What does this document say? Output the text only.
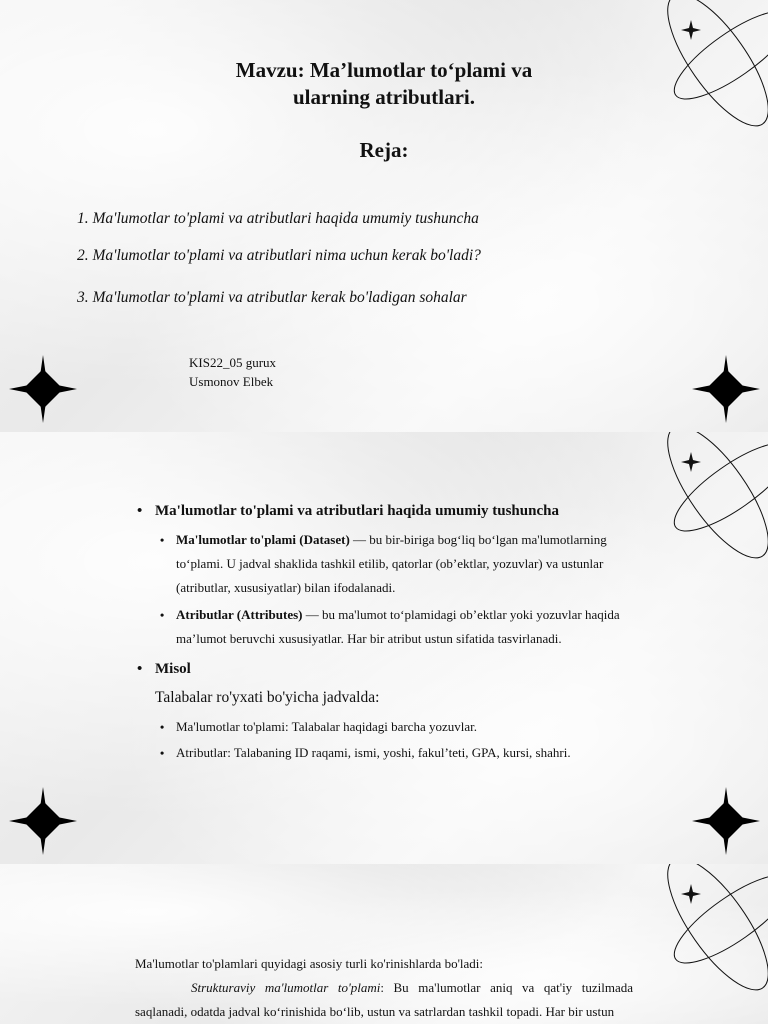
Mavzu: Ma’lumotlar to‘plami va
ularning atributlari.
Reja:
1. Ma'lumotlar to'plami va atributlari haqida umumiy tushuncha
2. Ma'lumotlar to'plami va atributlari nima uchun kerak bo'ladi?
3. Ma'lumotlar to'plami va atributlar kerak bo'ladigan sohalar
KIS22_05 gurux
Usmonov Elbek
• Ma'lumotlar to'plami va atributlari haqida umumiy tushuncha
• Ma'lumotlar to'plami (Dataset) — bu bir-biriga bog‘liq bo‘lgan ma'lumotlarning to‘plami. U jadval shaklida tashkil etilib, qatorlar (ob’ektlar, yozuvlar) va ustunlar (atributlar, xususiyatlar) bilan ifodalanadi.
• Atributlar (Attributes) — bu ma'lumot to‘plamidagi ob’ektlar yoki yozuvlar haqida ma’lumot beruvchi xususiyatlar. Har bir atribut ustun sifatida tasvirlanadi.
• Misol
Talabalar ro'yxati bo'yicha jadvalda:
• Ma'lumotlar to'plami: Talabalar haqidagi barcha yozuvlar.
• Atributlar: Talabaning ID raqami, ismi, yoshi, fakul’teti, GPA, kursi, shahri.
Ma'lumotlar to'plamlari quyidagi asosiy turli ko'rinishlarda bo'ladi:
Strukturaviy ma'lumotlar to'plami: Bu ma'lumotlar aniq va qat'iy tuzilmada saqlanadi, odatda jadval ko‘rinishida bo‘lib, ustun va satrlardan tashkil topadi. Har bir ustun
